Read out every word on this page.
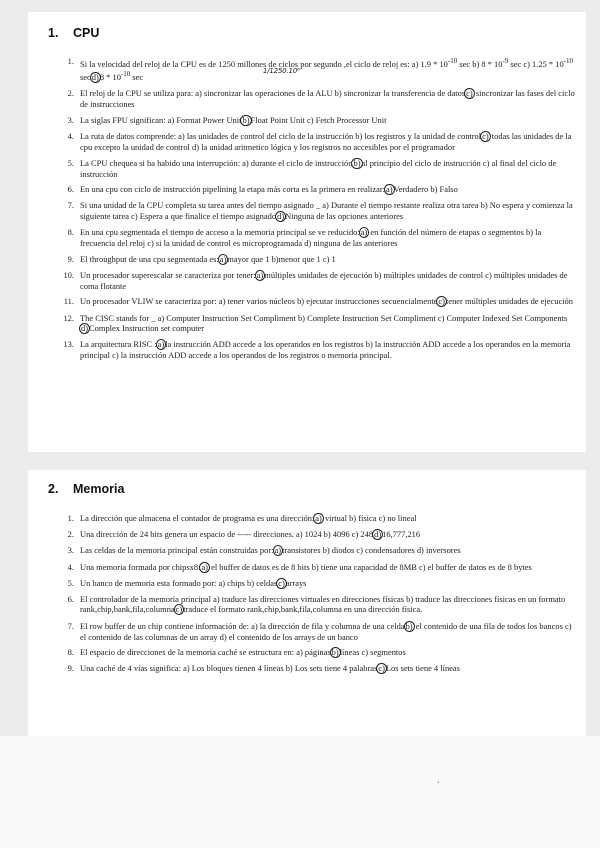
1. CPU
1. Si la velocidad del reloj de la CPU es de 1250 millones de ciclos por segundo ,el ciclo de reloj es: a) $1.9 * 10^{-10}$ sec b) $8 * 10^{-9}$ sec c) $1.25 * 10^{-10}$ $\sec d)8 * 10^{-10}$ sec
2. El reloj de la CPU se utiliza para: a) sincronizar las operaciones de la ALU b) sincronizar la transferencia de datosc) sincronizar las fases del ciclo de instrucciones
3. La siglas FPU significan: a) Format Power Unitb)Float Point Unit c) Fetch Processor Unit
4. La ruta de datos comprende: a) las unidades de control del ciclo de la instrucción b) los registros y la unidad de controlc) todas las unidades de la cpu excepto la unidad de control d) la unidad aritmetico lógica y los registros no accesibles por el programador
5. La CPU chequea si ha habido una interrupción: a) durante el ciclo de instrucciónb)al principio del ciclo de instrucción c) al final del ciclo de instrucción
6. En una cpu con ciclo de instrucción pipelining la etapa más corta es la primera en realizar:a)Verdadero b) Falso
7. Si una unidad de la CPU completa su tarea antes del tiempo asignado _ a) Durante el tiempo restante realiza otra tarea b) No espera y comienza la siguiente tarea c) Espera a que finalice el tiempo asignadod)Ninguna de las opciones anteriores
8. En una cpu segmentada el tiempo de acceso a la memoria principal se ve reducido:a) en función del número de etapas o segmentos b) la frecuencia del reloj c) si la unidad de control es microprogramada d) ninguna de las anteriores
9. El throughput de una cpu segmentada es:a)mayor que 1 b)menor que 1 c) 1
10. Un procesador superescalar se caracteriza por tener:a)múltiples unidades de ejecución b) múltiples unidades de control c) múltiples unidades de coma flotante
11. Un procesador VLIW se caracteriza por: a) tener varios núcleos b) ejecutar instrucciones secuencialmentec)tener múltiples unidades de ejecución
12. The CISC stands for _ a) Computer Instruction Set Compliment b) Complete Instruction Set Compliment c) Computer Indexed Set Componentsd)Complex Instruction set computer
13. La arquitectura RISC :a)la instrucción ADD accede a los operandos en los registros b) la instrucción ADD accede a los operandos en la memoria principal c) la instrucción ADD accede a los operandos de los registros o memoria principal.
1/1250.10⁶
2. Memoria
1. La dirección que almacena el contador de programa es una dirección:a) virtual b) física c) no lineal
2. Una dirección de 24 bits genera un espacio de ----- direcciones. a) 1024 b) 4096 c) 248d)16,777,216
3. Las celdas de la memoria principal están construidas por:a)transistores b) diodos c) condensadores d) inversores
4. Una memoria formada por chipsx8:a) el buffer de datos es de 8 bits b) tiene una capacidad de 8MB c) el buffer de datos es de 8 bytes
5. Un banco de memoria esta formado por: a) chips b) celdasc)arrays
6. El controlador de la memoria principal a) traduce las direcciones virtuales en direcciones físicas b) traduce las direcciones físicas en un formato rank,chip,bank,fila,columnac)traduce el formato rank,chip,bank,fila,columna en una dirección física.
7. El row buffer de un chip contiene información de: a) la dirección de fila y columna de una celdab) el contenido de una fila de todos los bancos c) el contenido de las columnas de un array d) el contenido de los arrays de un banco
8. El espacio de direcciones de la memoria caché se estructura en: a) páginasb)líneas c) segmentos
9. Una caché de 4 vías significa: a) Los bloques tienen 4 líneas b) Los sets tiene 4 palabrasc)Los sets tiene 4 líneas
ˏ
